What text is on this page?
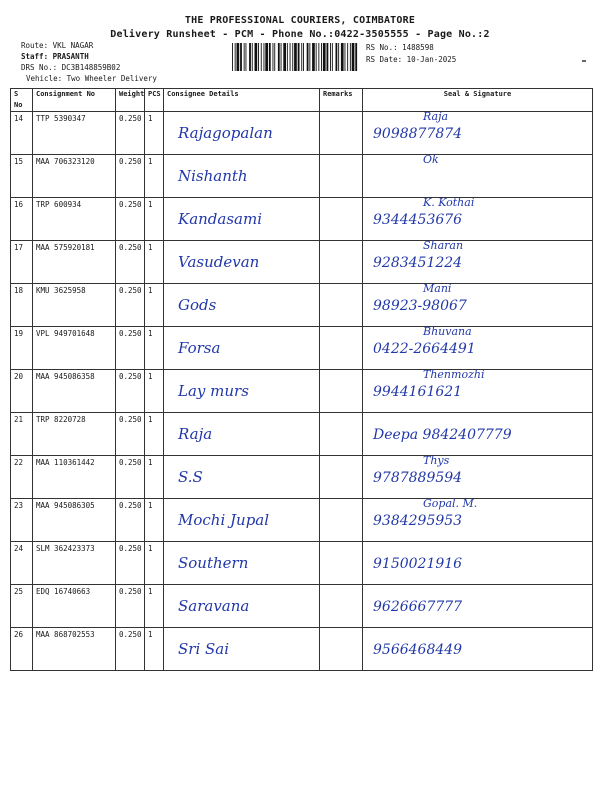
THE PROFESSIONAL COURIERS, COIMBATORE
Delivery Runsheet - PCM - Phone No.:0422-3505555 - Page No.:2
Route: VKL NAGAR
Staff: PRASANTH
DRS No.: DC3B148859B02
Vehicle: Two Wheeler Delivery
RS No.: 1488598
RS Date: 10-Jan-2025
S No	Consignment No	Weight	PCS	Consignee Details	Remarks	Seal & Signature
14	TTP 5390347	0.250	1	Rajagopalan		Raja
9098877874

15	MAA 706323120	0.250	1	Nishanth		Ok

16	TRP 600934	0.250	1	Kandasami		K. Kothai
9344453676

17	MAA 575920181	0.250	1	Vasudevan		Sharan
9283451224

18	KMU 3625958	0.250	1	Gods		Mani
98923-98067

19	VPL 949701648	0.250	1	Forsa		Bhuvana
0422-2664491

20	MAA 945086358	0.250	1	Lay murs		Thenmozhi
9944161621

21	TRP 8220728	0.250	1	Raja		Deepa 9842407779

22	MAA 110361442	0.250	1	S.S		Thys
9787889594

23	MAA 945086305	0.250	1	Mochi Jupal		Gopal. M.
9384295953

24	SLM 362423373	0.250	1	Southern		9150021916

25	EDQ 16740663	0.250	1	Saravana		9626667777

26	MAA 868702553	0.250	1	Sri Sai		9566468449
